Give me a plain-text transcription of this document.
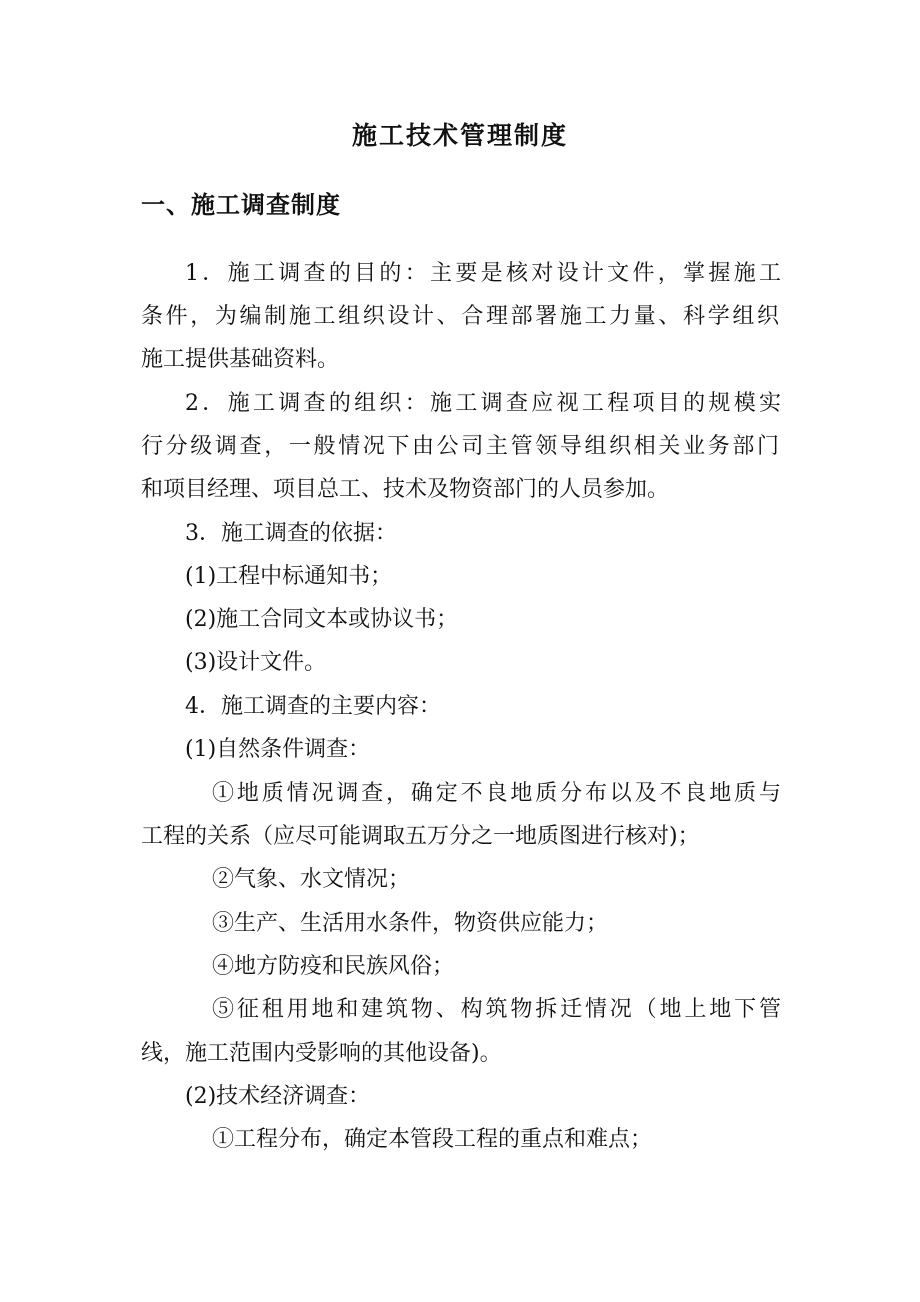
施工技术管理制度
一、施工调查制度
1．施工调查的目的：主要是核对设计文件，掌握施工
条件，为编制施工组织设计、合理部署施工力量、科学组织
施工提供基础资料。
2．施工调查的组织：施工调查应视工程项目的规模实
行分级调查，一般情况下由公司主管领导组织相关业务部门
和项目经理、项目总工、技术及物资部门的人员参加。
3．施工调查的依据：
(1)工程中标通知书；
(2)施工合同文本或协议书；
(3)设计文件。
4．施工调查的主要内容：
(1)自然条件调查：
①地质情况调查，确定不良地质分布以及不良地质与
工程的关系（应尽可能调取五万分之一地质图进行核对)；
②气象、水文情况；
③生产、生活用水条件，物资供应能力；
④地方防疫和民族风俗；
⑤征租用地和建筑物、构筑物拆迁情况（地上地下管
线，施工范围内受影响的其他设备)。
(2)技术经济调查：
①工程分布，确定本管段工程的重点和难点；
